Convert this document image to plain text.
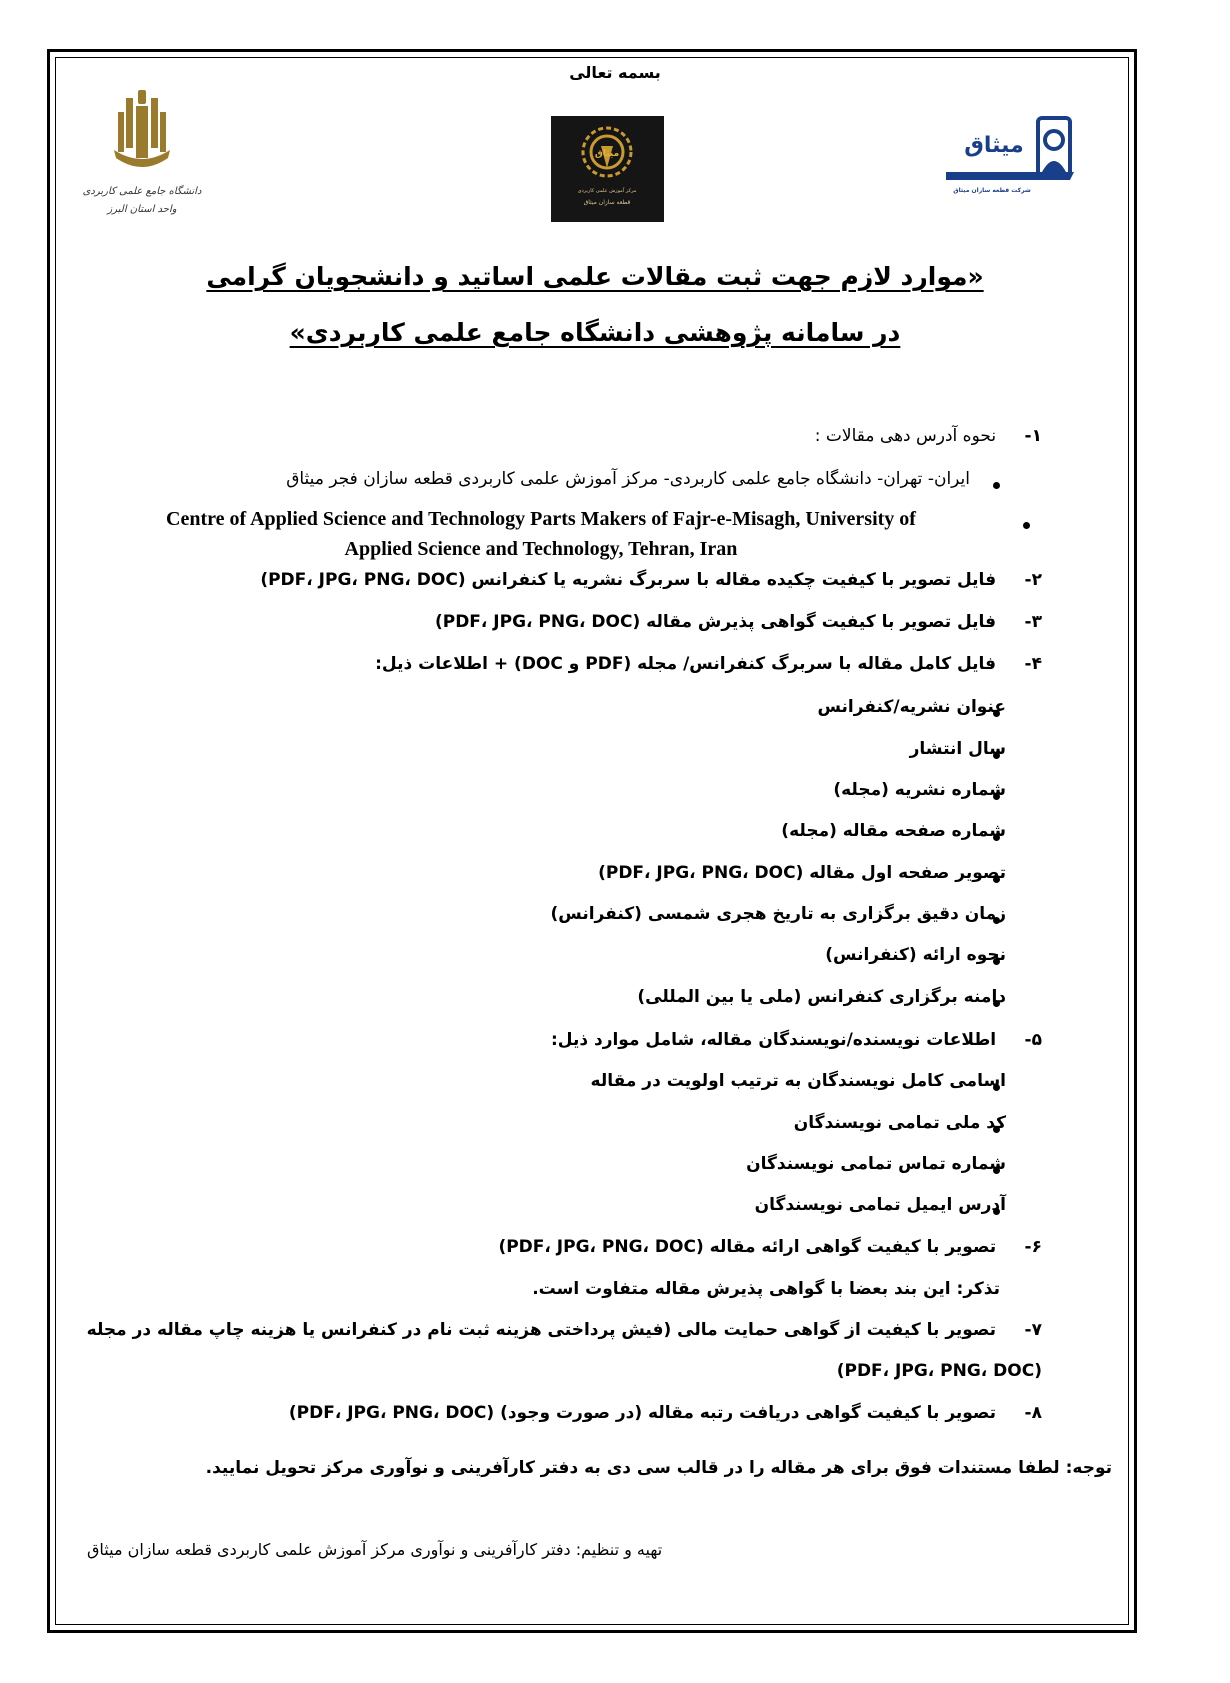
بسمه تعالی
دانشگاه جامع علمی کاربردی
واحد استان البرز
میثاق
مرکز آموزش علمی کاربردی
قطعه سازان میثاق
میثاق
شرکت قطعه سازان میثاق
«موارد لازم جهت ثبت مقالات علمی اساتید و دانشجویان گرامی
در سامانه پژوهشی دانشگاه جامع علمی کاربردی»
۱- نحوه آدرس دهی مقالات :
ایران- تهران- دانشگاه جامع علمی کاربردی- مرکز آموزش علمی کاربردی قطعه سازان فجر میثاق
Centre of Applied Science and Technology Parts Makers of Fajr-e-Misagh, University of
Applied Science and Technology, Tehran, Iran
۲- فایل تصویر با کیفیت چکیده مقاله با سربرگ نشریه یا کنفرانس (PDF، JPG، PNG، DOC)
۳- فایل تصویر با کیفیت گواهی پذیرش مقاله (PDF، JPG، PNG، DOC)
۴- فایل کامل مقاله با سربرگ کنفرانس/ مجله (PDF و DOC) + اطلاعات ذیل:
عنوان نشریه/کنفرانس
سال انتشار
شماره نشریه (مجله)
شماره صفحه مقاله (مجله)
تصویر صفحه اول مقاله (PDF، JPG، PNG، DOC)
زمان دقیق برگزاری به تاریخ هجری شمسی (کنفرانس)
نحوه ارائه (کنفرانس)
دامنه برگزاری کنفرانس (ملی یا بین المللی)
۵- اطلاعات نویسنده/نویسندگان مقاله، شامل موارد ذیل:
اسامی کامل نویسندگان به ترتیب اولویت در مقاله
کد ملی تمامی نویسندگان
شماره تماس تمامی نویسندگان
آدرس ایمیل تمامی نویسندگان
۶- تصویر با کیفیت گواهی ارائه مقاله (PDF، JPG، PNG، DOC)
تذکر: این بند بعضا با گواهی پذیرش مقاله متفاوت است.
۷- تصویر با کیفیت از گواهی حمایت مالی (فیش پرداختی هزینه ثبت نام در کنفرانس یا هزینه چاپ مقاله در مجله
(PDF، JPG، PNG، DOC)
۸- تصویر با کیفیت گواهی دریافت رتبه مقاله (در صورت وجود) (PDF، JPG، PNG، DOC)
توجه: لطفا مستندات فوق برای هر مقاله را در قالب سی دی به دفتر کارآفرینی و نوآوری مرکز تحویل نمایید.
تهیه و تنظیم: دفتر کارآفرینی و نوآوری مرکز آموزش علمی کاربردی قطعه سازان میثاق
